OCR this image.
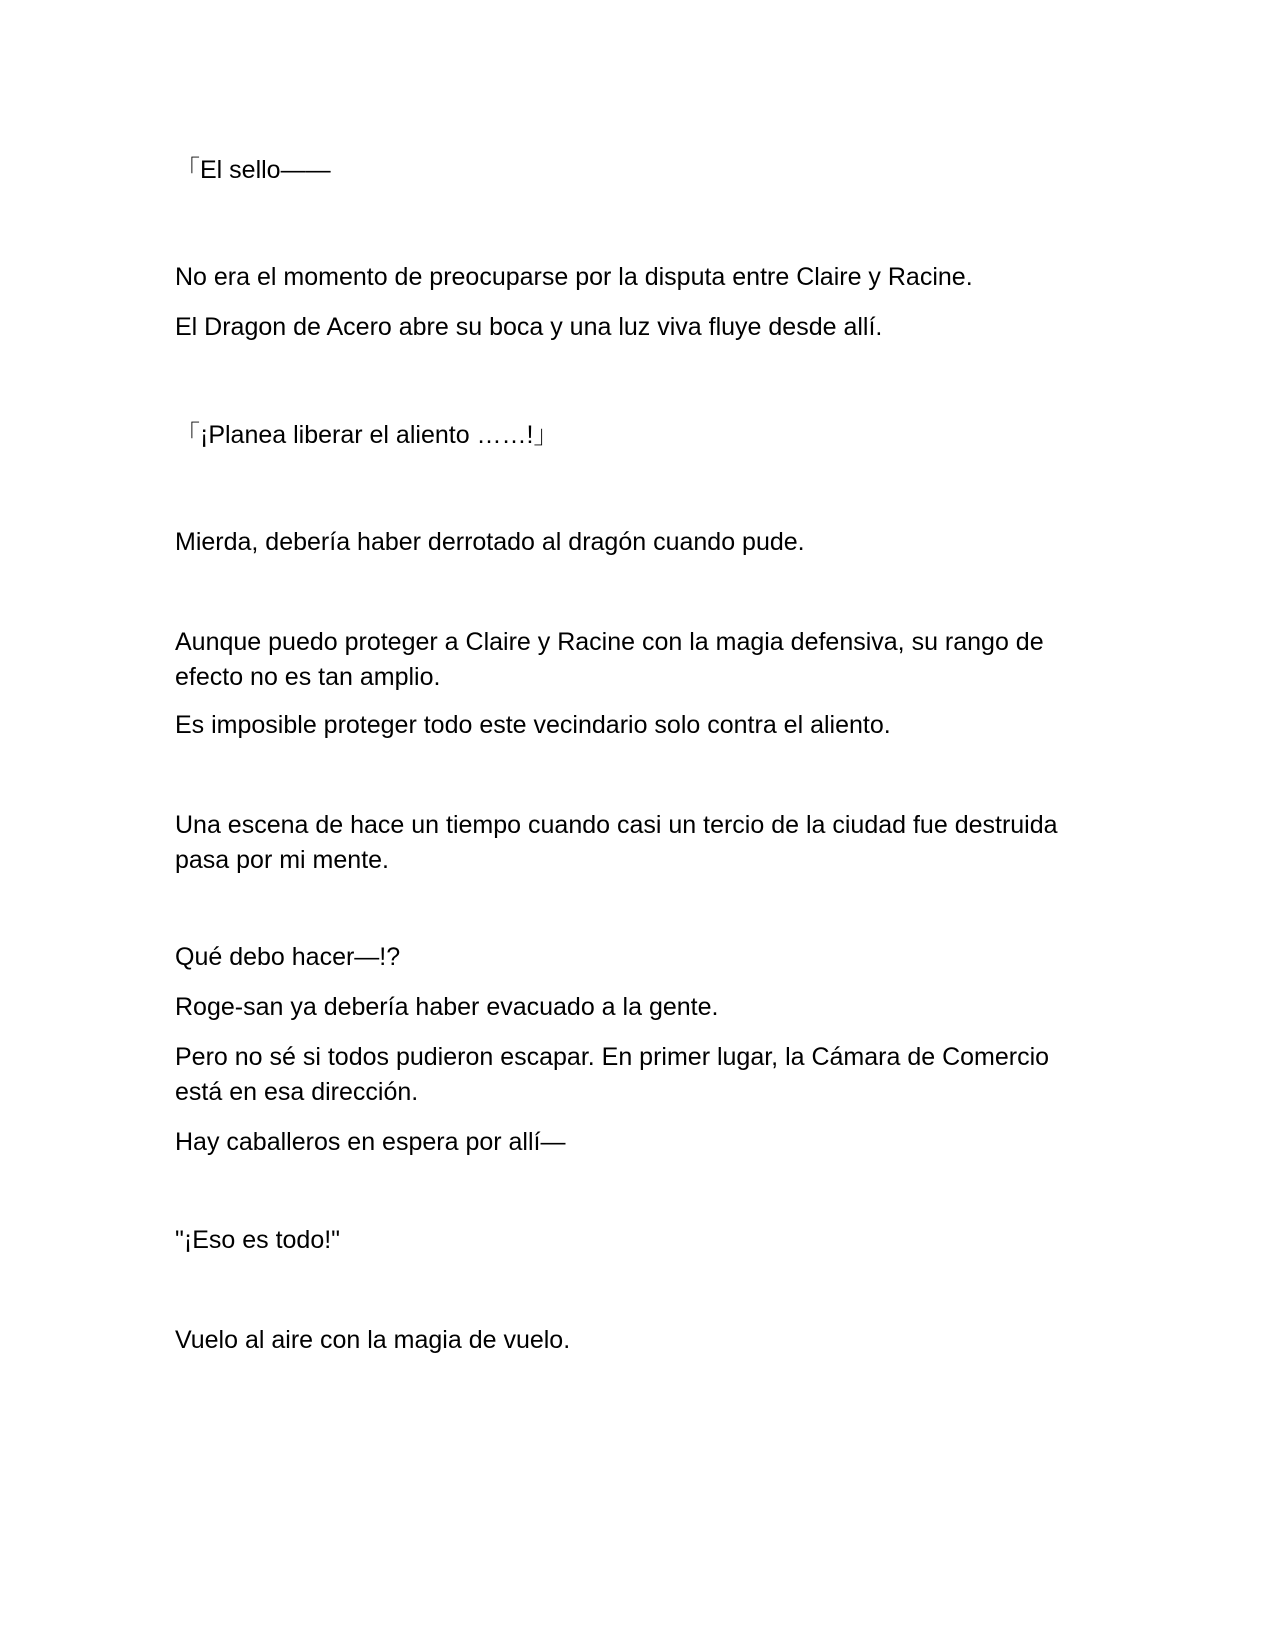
「El sello――

No era el momento de preocuparse por la disputa entre Claire y Racine.

El Dragon de Acero abre su boca y una luz viva fluye desde allí.

「¡Planea liberar el aliento ……!」

Mierda, debería haber derrotado al dragón cuando pude.

Aunque puedo proteger a Claire y Racine con la magia defensiva, su rango de efecto no es tan amplio.

Es imposible proteger todo este vecindario solo contra el aliento.

Una escena de hace un tiempo cuando casi un tercio de la ciudad fue destruida pasa por mi mente.

Qué debo hacer―!?

Roge-san ya debería haber evacuado a la gente.

Pero no sé si todos pudieron escapar. En primer lugar, la Cámara de Comercio está en esa dirección.

Hay caballeros en espera por allí―

"¡Eso es todo!"

Vuelo al aire con la magia de vuelo.
